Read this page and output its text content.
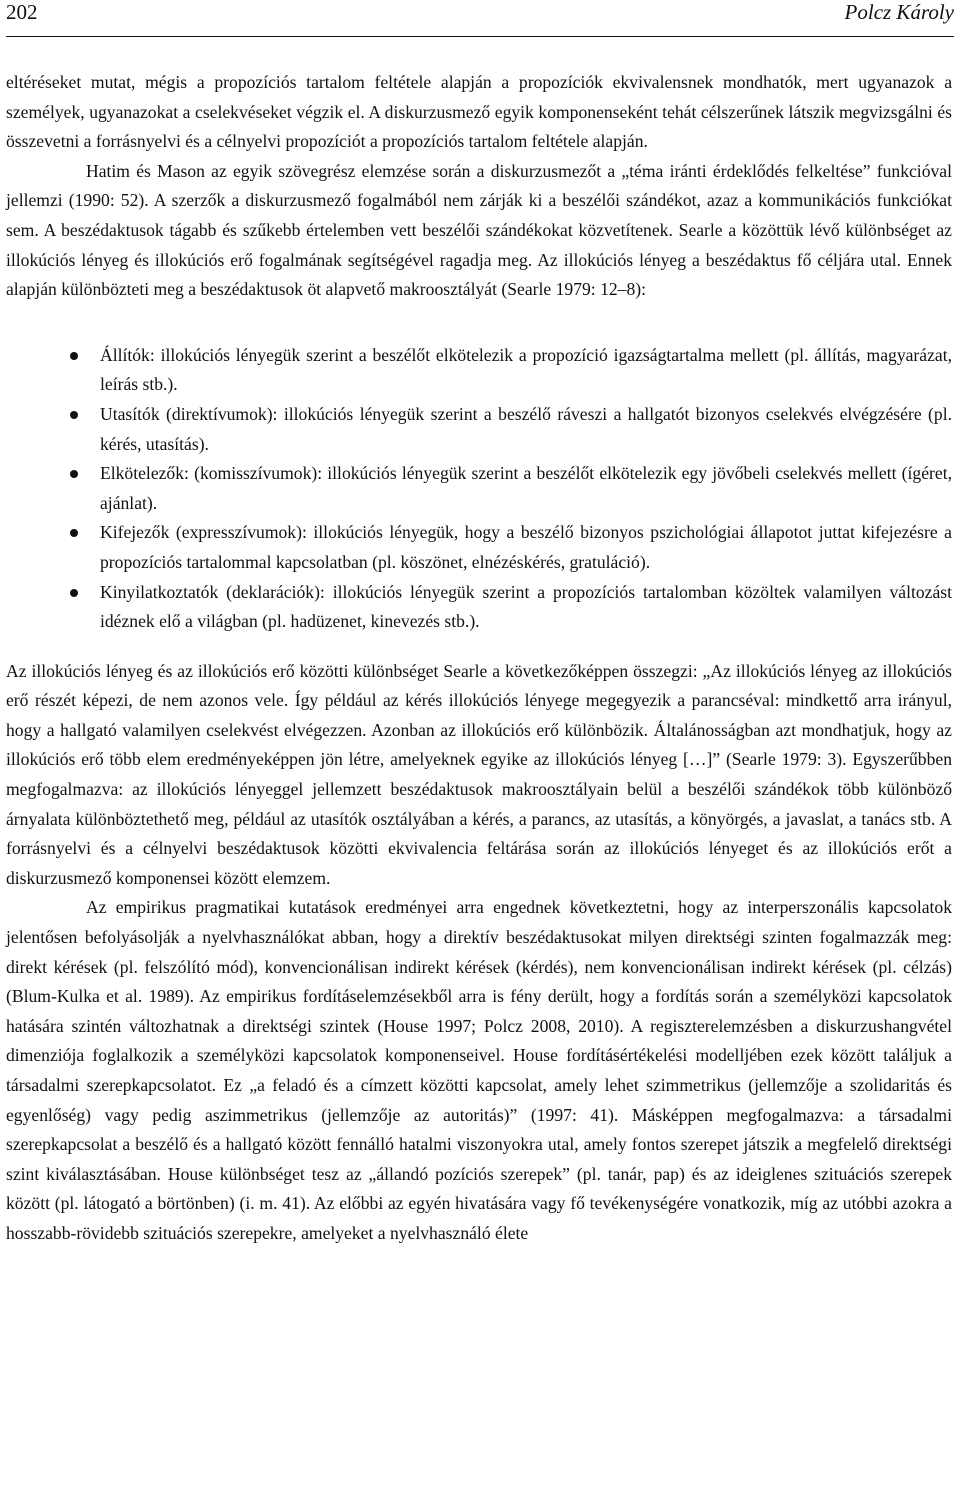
202	Polcz Károly

eltéréseket mutat, mégis a propozíciós tartalom feltétele alapján a propozíciók ekvivalensnek mondhatók, mert ugyanazok a személyek, ugyanazokat a cselekvéseket végzik el. A diskurzusmező egyik komponenseként tehát célszerűnek látszik megvizsgálni és összevetni a forrásnyelvi és a célnyelvi propozíciót a propozíciós tartalom feltétele alapján.

Hatim és Mason az egyik szövegrész elemzése során a diskurzusmezőt a „téma iránti érdeklődés felkeltése” funkcióval jellemzi (1990: 52). A szerzők a diskurzusmező fogalmából nem zárják ki a beszélői szándékot, azaz a kommunikációs funkciókat sem. A beszédaktusok tágabb és szűkebb értelemben vett beszélői szándékokat közvetítenek. Searle a közöttük lévő különbséget az illokúciós lényeg és illokúciós erő fogalmának segítségével ragadja meg. Az illokúciós lényeg a beszédaktus fő céljára utal. Ennek alapján különbözteti meg a beszédaktusok öt alapvető makroosztályát (Searle 1979: 12–8):

Állítók: illokúciós lényegük szerint a beszélőt elkötelezik a propozíció igazságtartalma mellett (pl. állítás, magyarázat, leírás stb.).
Utasítók (direktívumok): illokúciós lényegük szerint a beszélő ráveszi a hallgatót bizonyos cselekvés elvégzésére (pl. kérés, utasítás).
Elkötelezők: (komisszívumok): illokúciós lényegük szerint a beszélőt elkötelezik egy jövőbeli cselekvés mellett (ígéret, ajánlat).
Kifejezők (expresszívumok): illokúciós lényegük, hogy a beszélő bizonyos pszichológiai állapotot juttat kifejezésre a propozíciós tartalommal kapcsolatban (pl. köszönet, elnézéskérés, gratuláció).
Kinyilatkoztatók (deklarációk): illokúciós lényegük szerint a propozíciós tartalomban közöltek valamilyen változást idéznek elő a világban (pl. hadüzenet, kinevezés stb.).

Az illokúciós lényeg és az illokúciós erő közötti különbséget Searle a következőképpen összegzi: „Az illokúciós lényeg az illokúciós erő részét képezi, de nem azonos vele. Így például az kérés illokúciós lényege megegyezik a parancséval: mindkettő arra irányul, hogy a hallgató valamilyen cselekvést elvégezzen. Azonban az illokúciós erő különbözik. Általánosságban azt mondhatjuk, hogy az illokúciós erő több elem eredményeképpen jön létre, amelyeknek egyike az illokúciós lényeg […]” (Searle 1979: 3). Egyszerűbben megfogalmazva: az illokúciós lényeggel jellemzett beszédaktusok makroosztályain belül a beszélői szándékok több különböző árnyalata különböztethető meg, például az utasítók osztályában a kérés, a parancs, az utasítás, a könyörgés, a javaslat, a tanács stb. A forrásnyelvi és a célnyelvi beszédaktusok közötti ekvivalencia feltárása során az illokúciós lényeget és az illokúciós erőt a diskurzusmező komponensei között elemzem.

Az empirikus pragmatikai kutatások eredményei arra engednek következtetni, hogy az interperszonális kapcsolatok jelentősen befolyásolják a nyelvhasználókat abban, hogy a direktív beszédaktusokat milyen direktségi szinten fogalmazzák meg: direkt kérések (pl. felszólító mód), konvencionálisan indirekt kérések (kérdés), nem konvencionálisan indirekt kérések (pl. célzás) (Blum-Kulka et al. 1989). Az empirikus fordításelemzésekből arra is fény derült, hogy a fordítás során a személyközi kapcsolatok hatására szintén változhatnak a direktségi szintek (House 1997; Polcz 2008, 2010). A regiszterelemzésben a diskurzushangvétel dimenziója foglalkozik a személyközi kapcsolatok komponenseivel. House fordításértékelési modelljében ezek között találjuk a társadalmi szerepkapcsolatot. Ez „a feladó és a címzett közötti kapcsolat, amely lehet szimmetrikus (jellemzője a szolidaritás és egyenlőség) vagy pedig aszimmetrikus (jellemzője az autoritás)” (1997: 41). Másképpen megfogalmazva: a társadalmi szerepkapcsolat a beszélő és a hallgató között fennálló hatalmi viszonyokra utal, amely fontos szerepet játszik a megfelelő direktségi szint kiválasztásában. House különbséget tesz az „állandó pozíciós szerepek” (pl. tanár, pap) és az ideiglenes szituációs szerepek között (pl. látogató a börtönben) (i. m. 41). Az előbbi az egyén hivatására vagy fő tevékenységére vonatkozik, míg az utóbbi azokra a hosszabb-rövidebb szituációs szerepekre, amelyeket a nyelvhasználó élete
